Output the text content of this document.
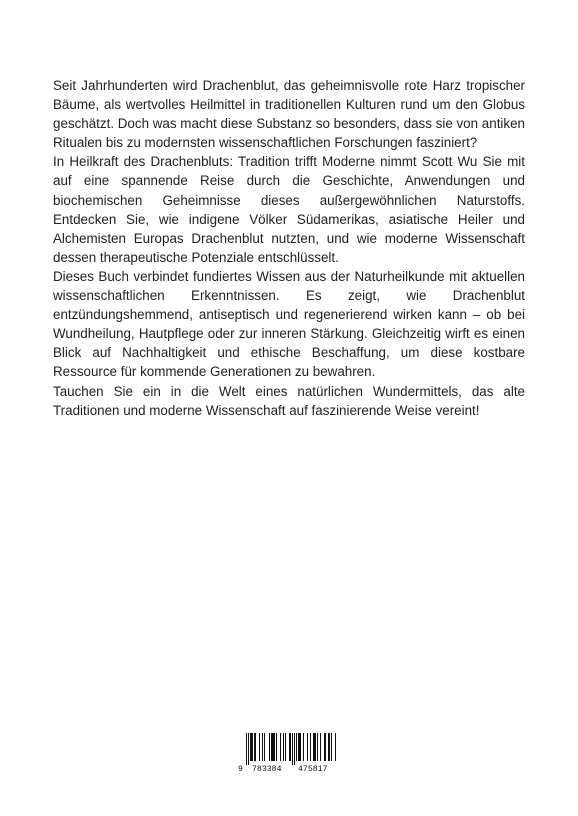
Seit Jahrhunderten wird Drachenblut, das geheimnisvolle rote Harz tropischer Bäume, als wertvolles Heilmittel in traditionellen Kulturen rund um den Globus geschätzt. Doch was macht diese Substanz so besonders, dass sie von antiken Ritualen bis zu modernsten wissenschaftlichen Forschungen fasziniert?

In Heilkraft des Drachenbluts: Tradition trifft Moderne nimmt Scott Wu Sie mit auf eine spannende Reise durch die Geschichte, Anwendungen und biochemischen Geheimnisse dieses außergewöhnlichen Naturstoffs. Entdecken Sie, wie indigene Völker Südamerikas, asiatische Heiler und Alchemisten Europas Drachenblut nutzten, und wie moderne Wissenschaft dessen therapeutische Potenziale entschlüsselt.

Dieses Buch verbindet fundiertes Wissen aus der Naturheilkunde mit aktuellen wissenschaftlichen Erkenntnissen. Es zeigt, wie Drachenblut entzündungshemmend, antiseptisch und regenerierend wirken kann – ob bei Wundheilung, Hautpflege oder zur inneren Stärkung. Gleichzeitig wirft es einen Blick auf Nachhaltigkeit und ethische Beschaffung, um diese kostbare Ressource für kommende Generationen zu bewahren.

Tauchen Sie ein in die Welt eines natürlichen Wundermittels, das alte Traditionen und moderne Wissenschaft auf faszinierende Weise vereint!

9 783384 475817
